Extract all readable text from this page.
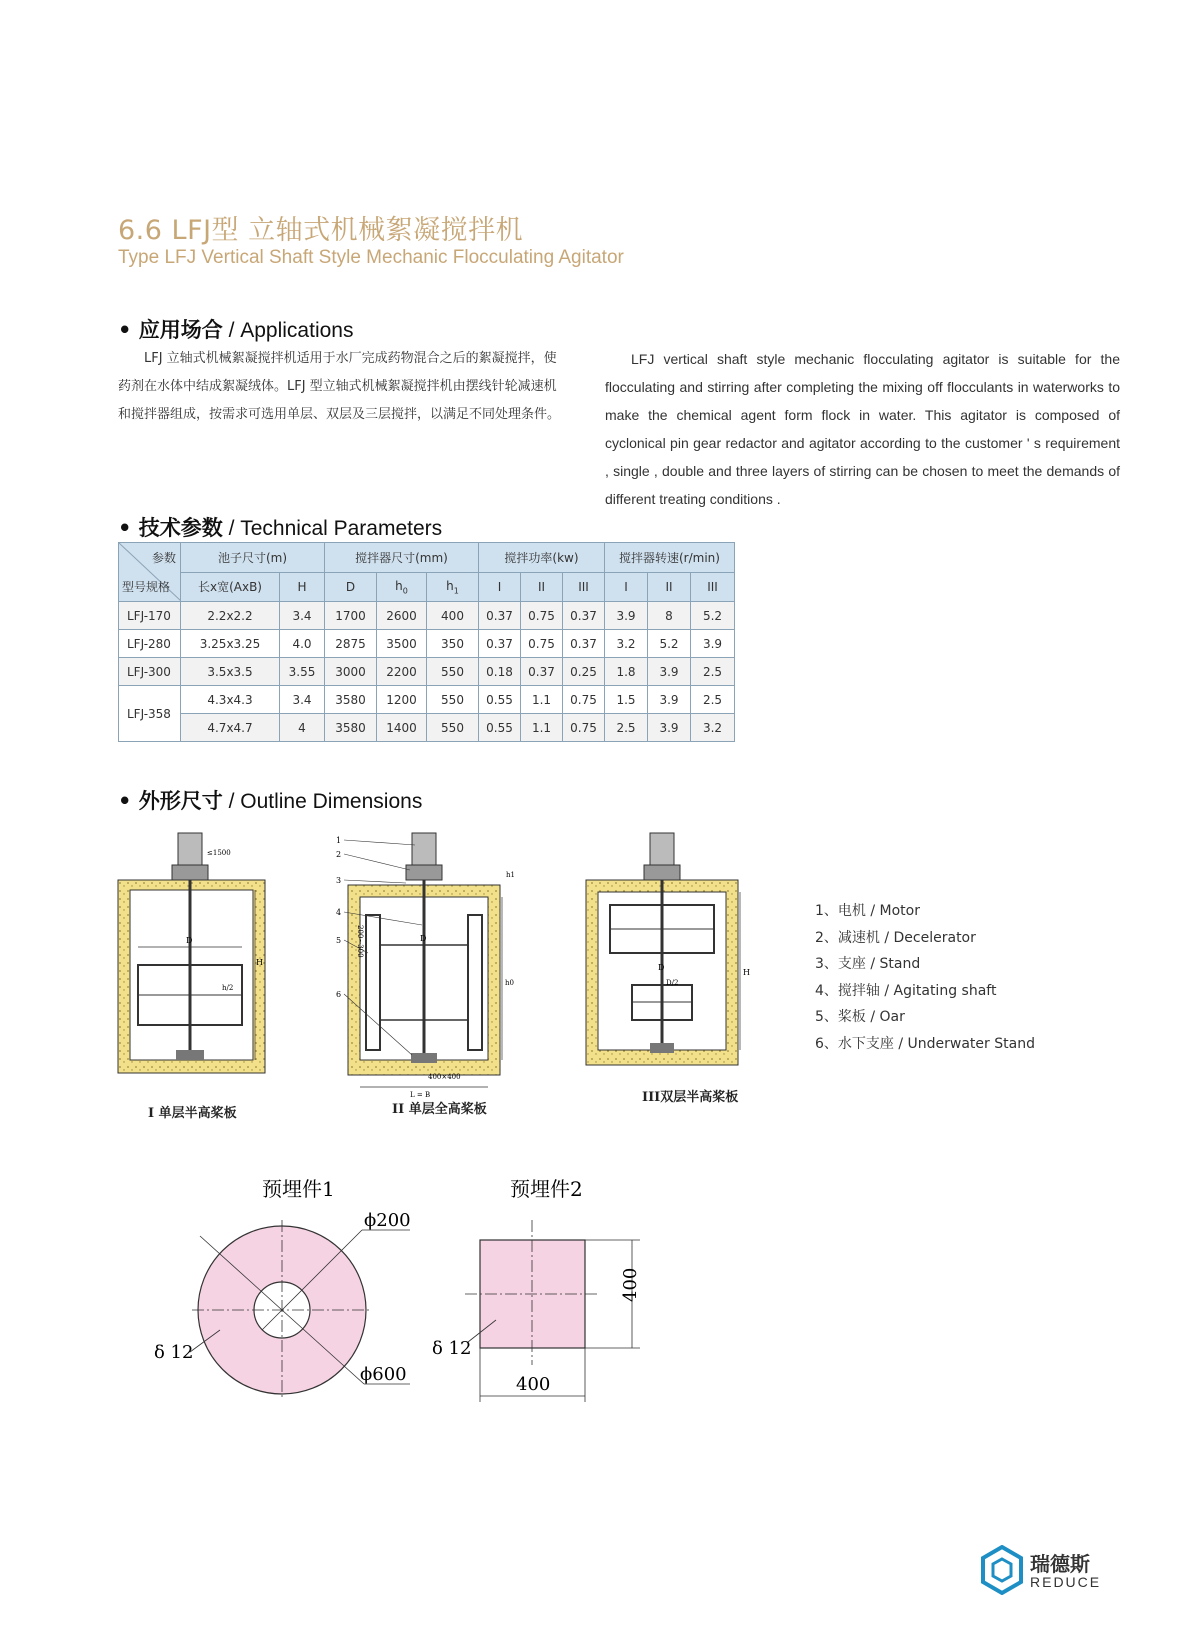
6.6 LFJ型 立轴式机械絮凝搅拌机
Type LFJ Vertical Shaft Style Mechanic Flocculating Agitator
• 应用场合 / Applications
LFJ 立轴式机械絮凝搅拌机适用于水厂完成药物混合之后的絮凝搅拌，使药剂在水体中结成絮凝绒体。LFJ 型立轴式机械絮凝搅拌机由摆线针轮减速机和搅拌器组成，按需求可选用单层、双层及三层搅拌，以满足不同处理条件。
LFJ vertical shaft style mechanic flocculating agitator is suitable for the flocculating and stirring after completing the mixing off flocculants in waterworks to make the chemical agent form flock in water. This agitator is composed of cyclonical pin gear redactor and agitator according to the customer ' s requirement , single , double and three layers of stirring can be chosen to meet the demands of different treating conditions .
• 技术参数 / Technical Parameters
参数
型号规格	池子尺寸(m)		搅拌器尺寸(mm)			搅拌功率(kw)			搅拌器转速(r/min)		
	长x宽(AxB)	H	D	$h_0$	$h_1$	I	II	III	I	II	III
LFJ-170	2.2x2.2	3.4	1700	2600	400	0.37	0.75	0.37	3.9	8	5.2
LFJ-280	3.25x3.25	4.0	2875	3500	350	0.37	0.75	0.37	3.2	5.2	3.9
LFJ-300	3.5x3.5	3.55	3000	2200	550	0.18	0.37	0.25	1.8	3.9	2.5
LFJ-358	4.3x4.3	3.4	3580	1200	550	0.55	1.1	0.75	1.5	3.9	2.5
	4.7x4.7	4	3580	1400	550	0.55	1.1	0.75	2.5	3.9	3.2
• 外形尺寸 / Outline Dimensions
D
H
≤1500
h/2
D
1
2
3
4
5
6
h0
h1
L = B
400×400
200~300
D
D/2
H
I 单层半高桨板	II 单层全高桨板
III双层半高桨板
1、电机 / Motor
2、减速机 / Decelerator
3、支座 / Stand
4、搅拌轴 / Agitating shaft
5、桨板 / Oar
6、水下支座 / Underwater Stand
预埋件1
ϕ200
ϕ600
δ 12
预埋件2
400
400
δ 12
瑞德斯
REDUCE
